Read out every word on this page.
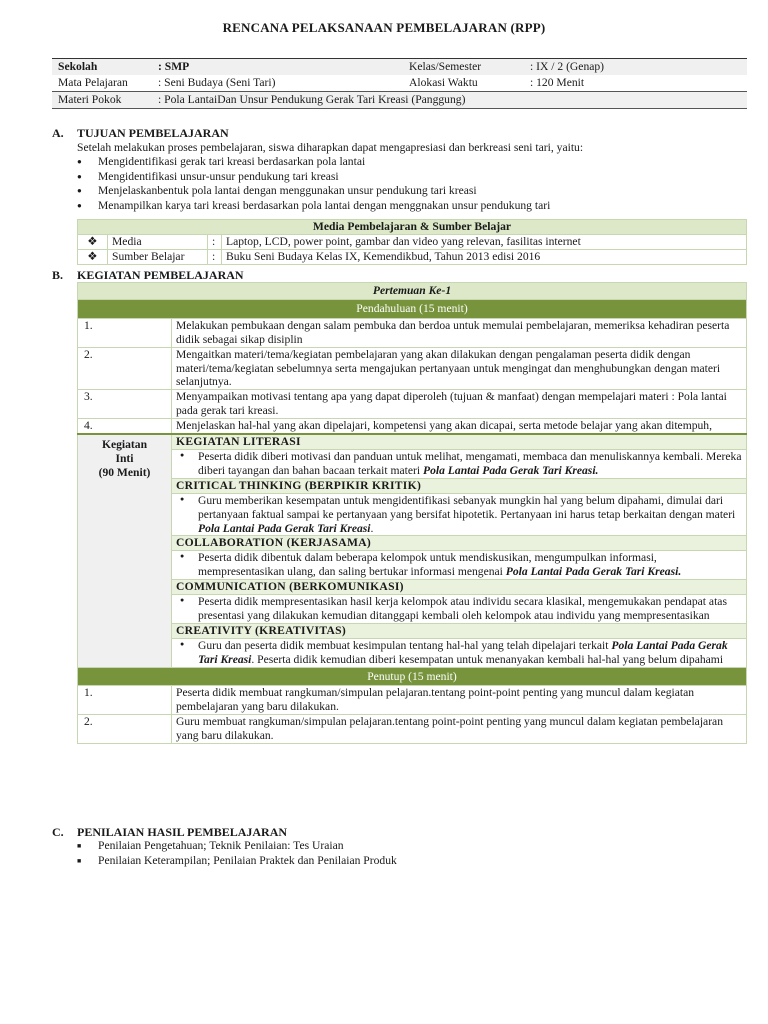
RENCANA PELAKSANAAN PEMBELAJARAN (RPP)
Sekolah	: SMP	Kelas/Semester	: IX / 2 (Genap)
Mata Pelajaran	: Seni Budaya (Seni Tari)	Alokasi Waktu	: 120 Menit
Materi Pokok	: Pola LantaiDan Unsur Pendukung Gerak Tari Kreasi (Panggung)		
A. TUJUAN PEMBELAJARAN
Setelah melakukan proses pembelajaran, siswa diharapkan dapat mengapresiasi dan berkreasi seni tari, yaitu:
● Mengidentifikasi gerak tari kreasi berdasarkan pola lantai
● Mengidentifikasi unsur-unsur pendukung tari kreasi
● Menjelaskanbentuk pola lantai dengan menggunakan unsur pendukung tari kreasi
● Menampilkan karya tari kreasi berdasarkan pola lantai dengan menggnakan unsur pendukung tari
Media Pembelajaran & Sumber Belajar			
❖	Media	:	Laptop, LCD, power point, gambar dan video yang relevan, fasilitas internet
❖	Sumber Belajar	:	Buku Seni Budaya Kelas IX, Kemendikbud, Tahun 2013 edisi 2016
B. KEGIATAN PEMBELAJARAN
Pertemuan Ke-1	
Pendahuluan (15 menit)	
1.	Melakukan pembukaan dengan salam pembuka dan berdoa untuk memulai pembelajaran, memeriksa kehadiran peserta didik sebagai sikap disiplin
2.	Mengaitkan materi/tema/kegiatan pembelajaran yang akan dilakukan dengan pengalaman peserta didik dengan materi/tema/kegiatan sebelumnya serta mengajukan pertanyaan untuk mengingat dan menghubungkan dengan materi selanjutnya.
3.	Menyampaikan motivasi tentang apa yang dapat diperoleh (tujuan & manfaat) dengan mempelajari materi : Pola lantai pada gerak tari kreasi.
4.	Menjelaskan hal-hal yang akan dipelajari, kompetensi yang akan dicapai, serta metode belajar yang akan ditempuh,

Kegiatan
Inti
(90 Menit)	KEGIATAN LITERASI
	● Peserta didik diberi motivasi dan panduan untuk melihat, mengamati, membaca dan menuliskannya kembali. Mereka diberi tayangan dan bahan bacaan terkait materi Pola Lantai Pada Gerak Tari Kreasi.
	CRITICAL THINKING (BERPIKIR KRITIK)
	● Guru memberikan kesempatan untuk mengidentifikasi sebanyak mungkin hal yang belum dipahami, dimulai dari pertanyaan faktual sampai ke pertanyaan yang bersifat hipotetik. Pertanyaan ini harus tetap berkaitan dengan materi Pola Lantai Pada Gerak Tari Kreasi.
	COLLABORATION (KERJASAMA)
	● Peserta didik dibentuk dalam beberapa kelompok untuk mendiskusikan, mengumpulkan informasi, mempresentasikan ulang, dan saling bertukar informasi mengenai Pola Lantai Pada Gerak Tari Kreasi.
	COMMUNICATION (BERKOMUNIKASI)
	● Peserta didik mempresentasikan hasil kerja kelompok atau individu secara klasikal, mengemukakan pendapat atas presentasi yang dilakukan kemudian ditanggapi kembali oleh kelompok atau individu yang mempresentasikan
	CREATIVITY (KREATIVITAS)
	● Guru dan peserta didik membuat kesimpulan tentang hal-hal yang telah dipelajari terkait Pola Lantai Pada Gerak Tari Kreasi. Peserta didik kemudian diberi kesempatan untuk menanyakan kembali hal-hal yang belum dipahami
Penutup (15 menit)	
1.	Peserta didik membuat rangkuman/simpulan pelajaran.tentang point-point penting yang muncul dalam kegiatan pembelajaran yang baru dilakukan.
2.	Guru membuat rangkuman/simpulan pelajaran.tentang point-point penting yang muncul dalam kegiatan pembelajaran yang baru dilakukan.
C. PENILAIAN HASIL PEMBELAJARAN
■ Penilaian Pengetahuan; Teknik Penilaian: Tes Uraian
■ Penilaian Keterampilan; Penilaian Praktek dan Penilaian Produk
